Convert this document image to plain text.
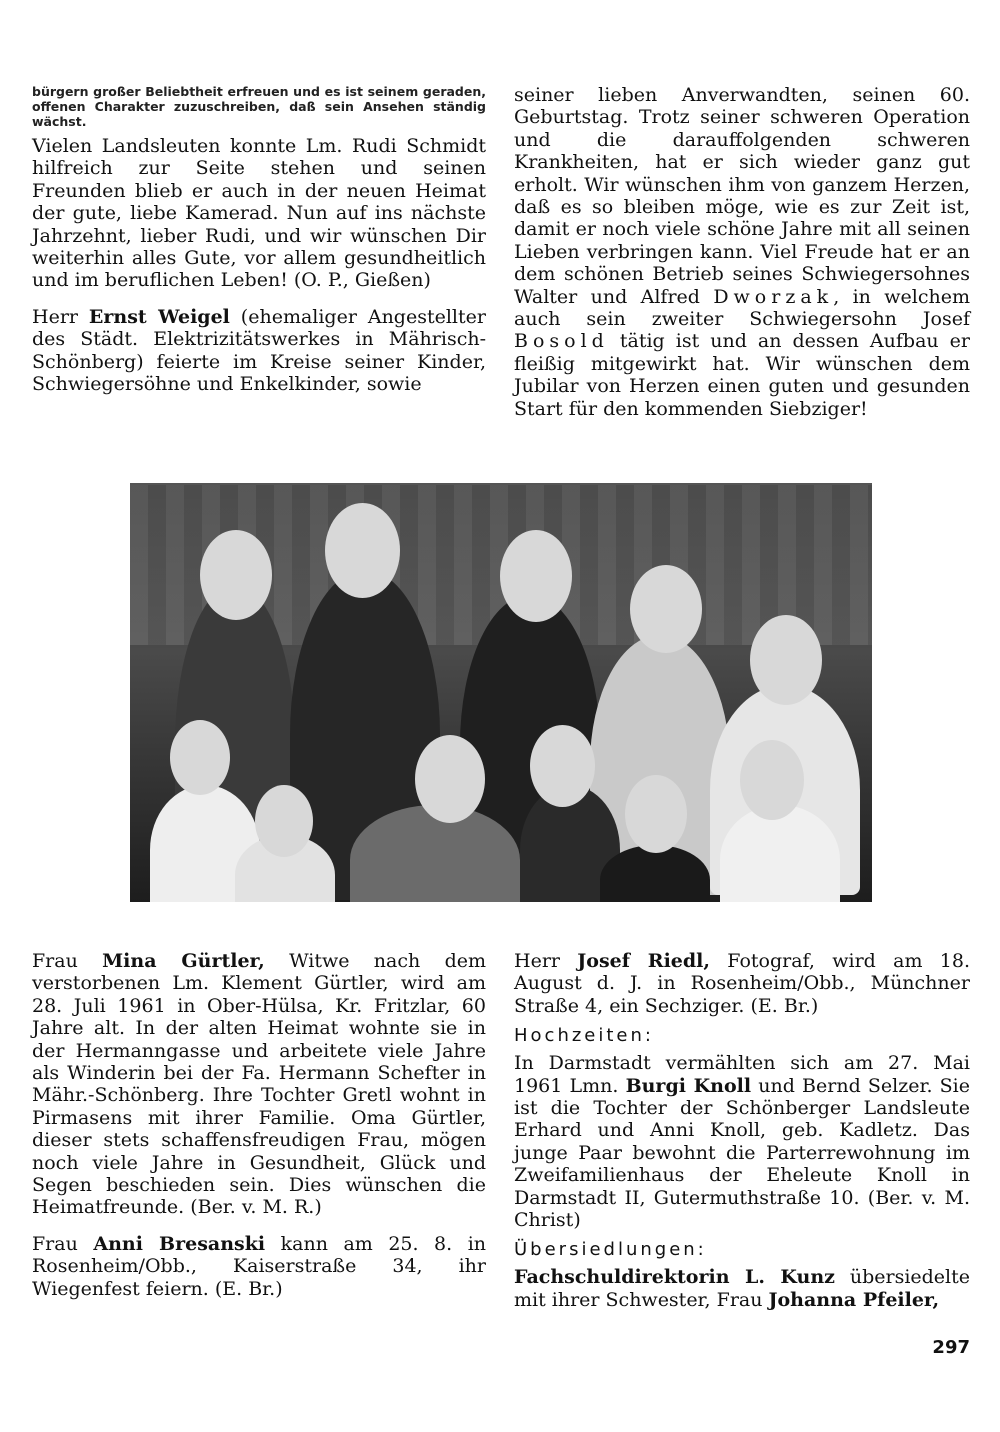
bürgern großer Beliebtheit erfreuen und es ist seinem geraden, offenen Charakter zuzuschreiben, daß sein Ansehen ständig wächst.

Vielen Landsleuten konnte Lm. Rudi Schmidt hilfreich zur Seite stehen und seinen Freunden blieb er auch in der neuen Heimat der gute, liebe Kamerad. Nun auf ins nächste Jahrzehnt, lieber Rudi, und wir wünschen Dir weiterhin alles Gute, vor allem gesundheitlich und im beruflichen Leben! (O. P., Gießen)

Herr Ernst Weigel (ehemaliger Angestellter des Städt. Elektrizitätswerkes in Mährisch-Schönberg) feierte im Kreise seiner Kinder, Schwiegersöhne und Enkelkinder, sowie

seiner lieben Anverwandten, seinen 60. Geburtstag. Trotz seiner schweren Operation und die darauffolgenden schweren Krankheiten, hat er sich wieder ganz gut erholt. Wir wünschen ihm von ganzem Herzen, daß es so bleiben möge, wie es zur Zeit ist, damit er noch viele schöne Jahre mit all seinen Lieben verbringen kann. Viel Freude hat er an dem schönen Betrieb seines Schwiegersohnes Walter und Alfred Dworzak, in welchem auch sein zweiter Schwiegersohn Josef Bosold tätig ist und an dessen Aufbau er fleißig mitgewirkt hat. Wir wünschen dem Jubilar von Herzen einen guten und gesunden Start für den kommenden Siebziger!

Frau Mina Gürtler, Witwe nach dem verstorbenen Lm. Klement Gürtler, wird am 28. Juli 1961 in Ober-Hülsa, Kr. Fritzlar, 60 Jahre alt. In der alten Heimat wohnte sie in der Hermanngasse und arbeitete viele Jahre als Winderin bei der Fa. Hermann Schefter in Mähr.-Schönberg. Ihre Tochter Gretl wohnt in Pirmasens mit ihrer Familie. Oma Gürtler, dieser stets schaffensfreudigen Frau, mögen noch viele Jahre in Gesundheit, Glück und Segen beschieden sein. Dies wünschen die Heimatfreunde. (Ber. v. M. R.)

Frau Anni Bresanski kann am 25. 8. in Rosenheim/Obb., Kaiserstraße 34, ihr Wiegenfest feiern. (E. Br.)

Herr Josef Riedl, Fotograf, wird am 18. August d. J. in Rosenheim/Obb., Münchner Straße 4, ein Sechziger. (E. Br.)

Hochzeiten:

In Darmstadt vermählten sich am 27. Mai 1961 Lmn. Burgi Knoll und Bernd Selzer. Sie ist die Tochter der Schönberger Landsleute Erhard und Anni Knoll, geb. Kadletz. Das junge Paar bewohnt die Parterrewohnung im Zweifamilienhaus der Eheleute Knoll in Darmstadt II, Gutermuthstraße 10. (Ber. v. M. Christ)

Übersiedlungen:

Fachschuldirektorin L. Kunz übersiedelte mit ihrer Schwester, Frau Johanna Pfeiler,

297
